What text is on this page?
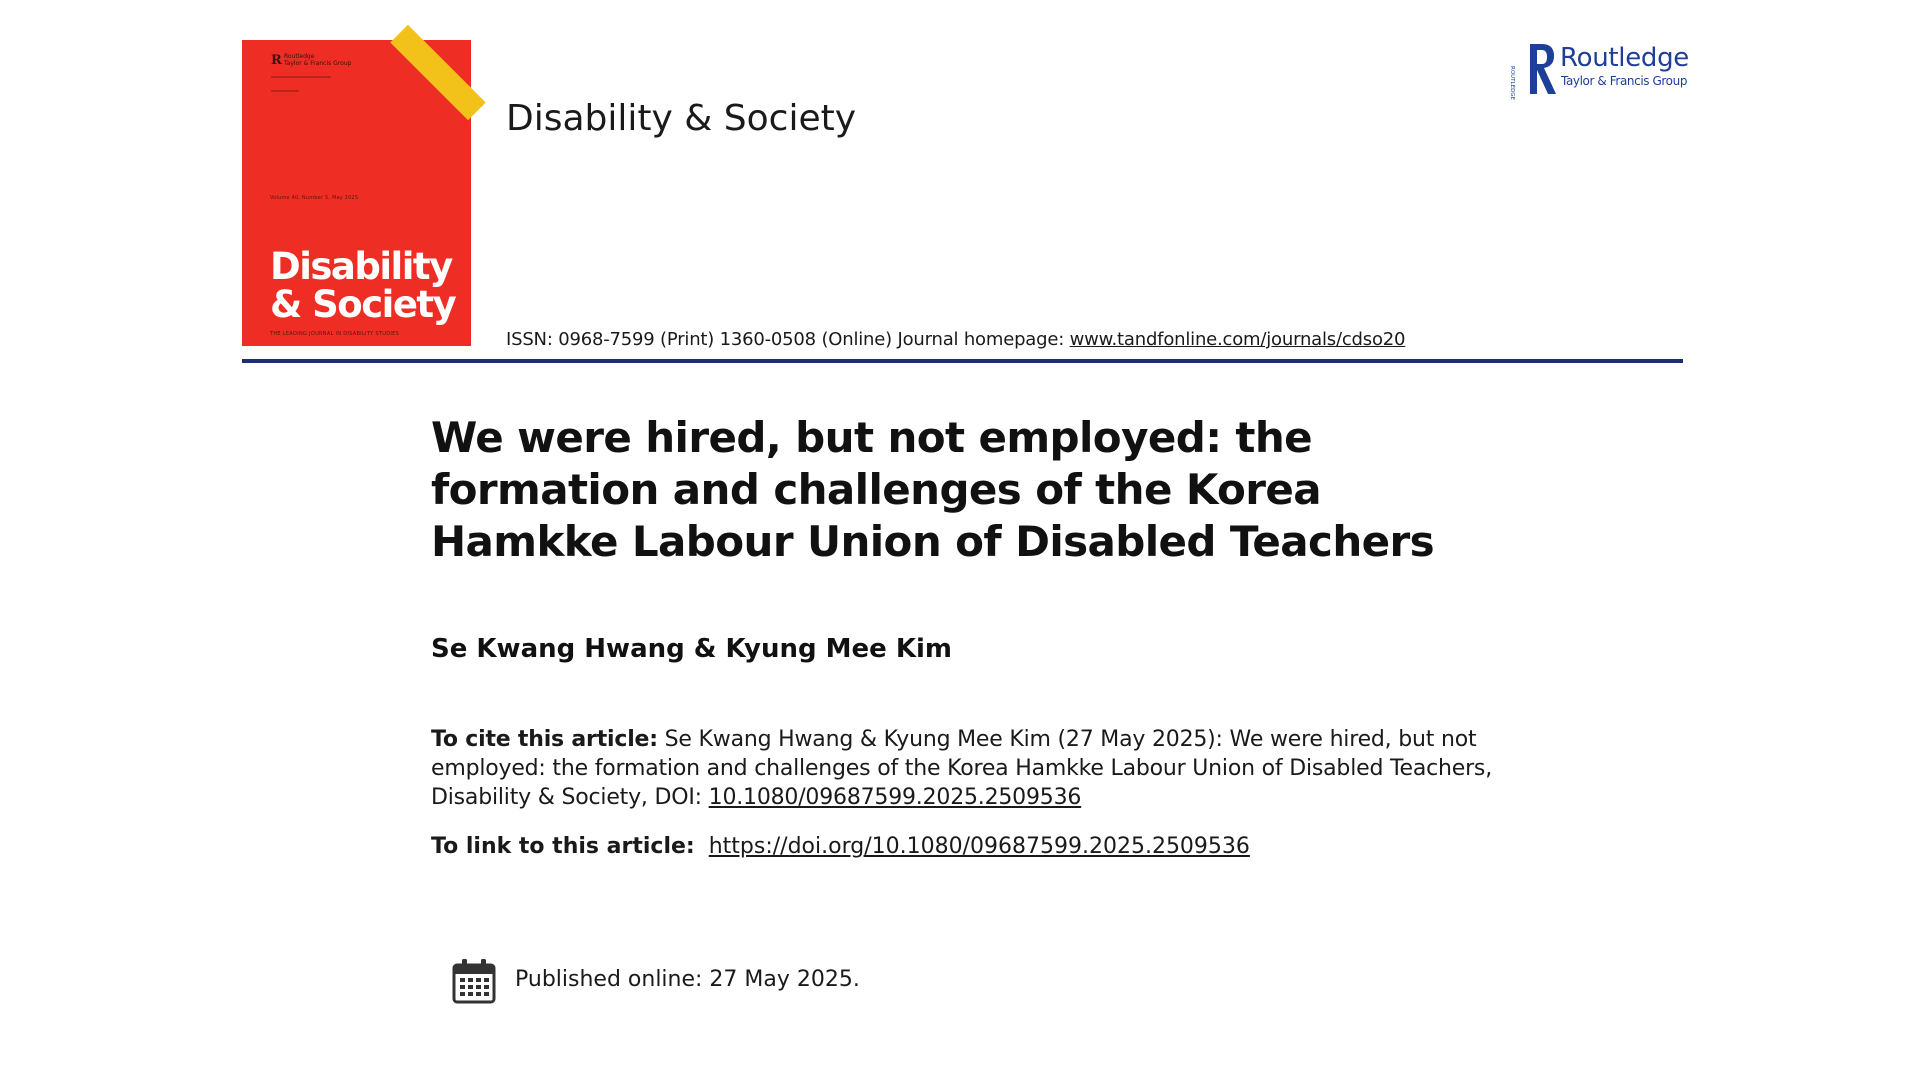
R Routledge
Taylor & Francis Group
Volume 40, Number 5, May 2025
Disability
& Society
THE LEADING JOURNAL IN DISABILITY STUDIES
Disability & Society
ROUTLEDGE
Routledge
Taylor & Francis Group
ISSN: 0968-7599 (Print) 1360-0508 (Online) Journal homepage: www.tandfonline.com/journals/cdso20
We were hired, but not employed: the formation and challenges of the Korea Hamkke Labour Union of Disabled Teachers
Se Kwang Hwang & Kyung Mee Kim
To cite this article: Se Kwang Hwang & Kyung Mee Kim (27 May 2025): We were hired, but not employed: the formation and challenges of the Korea Hamkke Labour Union of Disabled Teachers, Disability & Society, DOI: 10.1080/09687599.2025.2509536
To link to this article: https://doi.org/10.1080/09687599.2025.2509536
Published online: 27 May 2025.
